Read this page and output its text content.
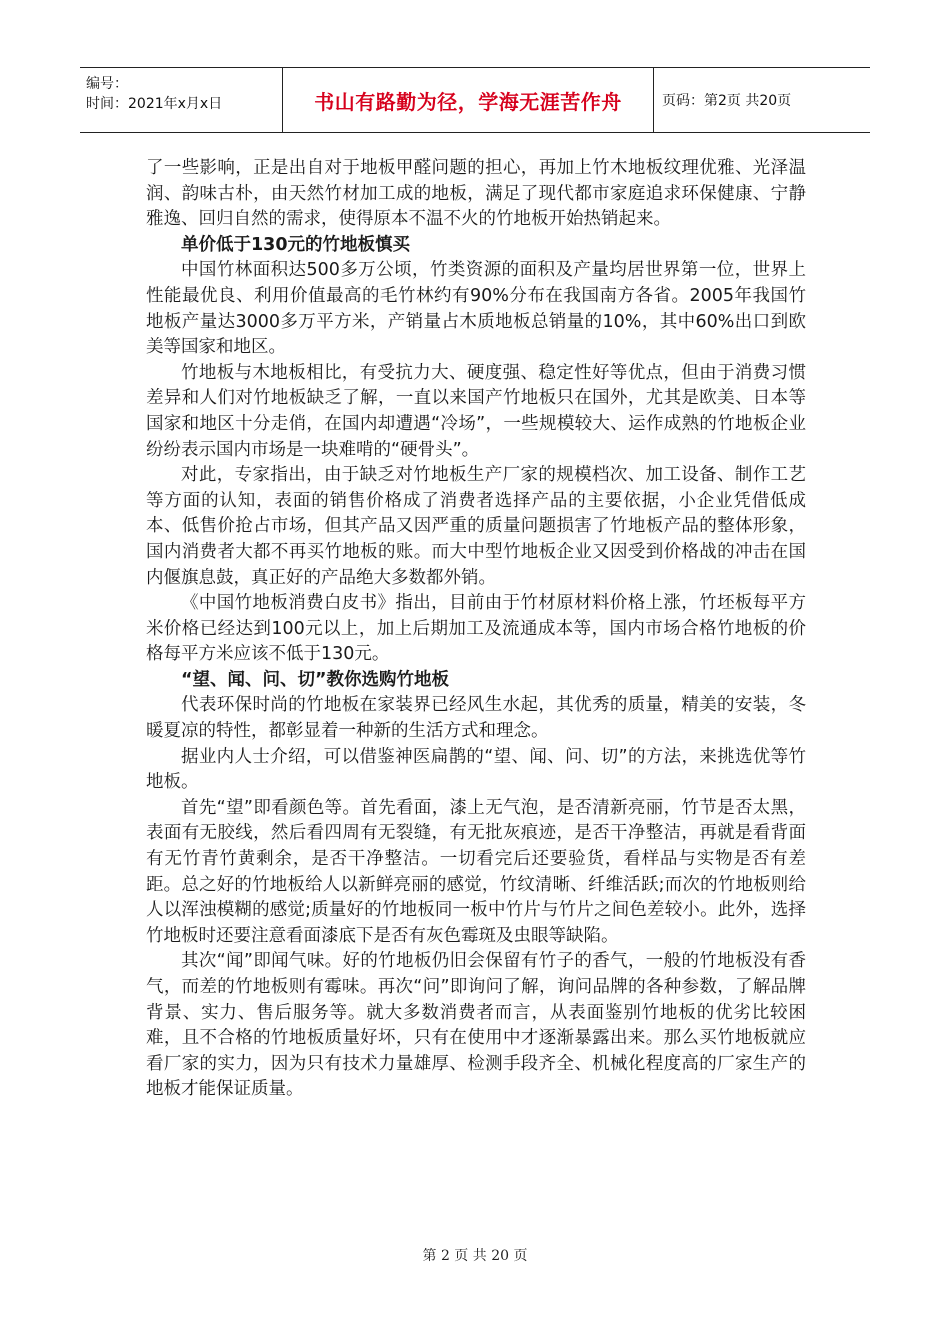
编号：
时间：2021年x月x日	书山有路勤为径，学海无涯苦作舟	页码：第2页 共20页

了一些影响，正是出自对于地板甲醛问题的担心，再加上竹木地板纹理优雅、光泽温润、韵味古朴，由天然竹材加工成的地板，满足了现代都市家庭追求环保健康、宁静雅逸、回归自然的需求，使得原本不温不火的竹地板开始热销起来。

单价低于130元的竹地板慎买

中国竹林面积达500多万公顷，竹类资源的面积及产量均居世界第一位，世界上性能最优良、利用价值最高的毛竹林约有90%分布在我国南方各省。2005年我国竹地板产量达3000多万平方米，产销量占木质地板总销量的10%，其中60%出口到欧美等国家和地区。

竹地板与木地板相比，有受抗力大、硬度强、稳定性好等优点，但由于消费习惯差异和人们对竹地板缺乏了解，一直以来国产竹地板只在国外，尤其是欧美、日本等国家和地区十分走俏，在国内却遭遇“冷场”，一些规模较大、运作成熟的竹地板企业纷纷表示国内市场是一块难啃的“硬骨头”。

对此，专家指出，由于缺乏对竹地板生产厂家的规模档次、加工设备、制作工艺等方面的认知，表面的销售价格成了消费者选择产品的主要依据，小企业凭借低成本、低售价抢占市场，但其产品又因严重的质量问题损害了竹地板产品的整体形象，国内消费者大都不再买竹地板的账。而大中型竹地板企业又因受到价格战的冲击在国内偃旗息鼓，真正好的产品绝大多数都外销。

《中国竹地板消费白皮书》指出，目前由于竹材原材料价格上涨，竹坯板每平方米价格已经达到100元以上，加上后期加工及流通成本等，国内市场合格竹地板的价格每平方米应该不低于130元。

“望、闻、问、切”教你选购竹地板

代表环保时尚的竹地板在家装界已经风生水起，其优秀的质量，精美的安装，冬暖夏凉的特性，都彰显着一种新的生活方式和理念。

据业内人士介绍，可以借鉴神医扁鹊的“望、闻、问、切”的方法，来挑选优等竹地板。

首先“望”即看颜色等。首先看面，漆上无气泡，是否清新亮丽，竹节是否太黑，表面有无胶线，然后看四周有无裂缝，有无批灰痕迹，是否干净整洁，再就是看背面有无竹青竹黄剩余，是否干净整洁。一切看完后还要验货，看样品与实物是否有差距。总之好的竹地板给人以新鲜亮丽的感觉，竹纹清晰、纤维活跃;而次的竹地板则给人以浑浊模糊的感觉;质量好的竹地板同一板中竹片与竹片之间色差较小。此外，选择竹地板时还要注意看面漆底下是否有灰色霉斑及虫眼等缺陷。

其次“闻”即闻气味。好的竹地板仍旧会保留有竹子的香气，一般的竹地板没有香气，而差的竹地板则有霉味。再次“问”即询问了解，询问品牌的各种参数，了解品牌背景、实力、售后服务等。就大多数消费者而言，从表面鉴别竹地板的优劣比较困难，且不合格的竹地板质量好坏，只有在使用中才逐渐暴露出来。那么买竹地板就应看厂家的实力，因为只有技术力量雄厚、检测手段齐全、机械化程度高的厂家生产的地板才能保证质量。

第 2 页 共 20 页
